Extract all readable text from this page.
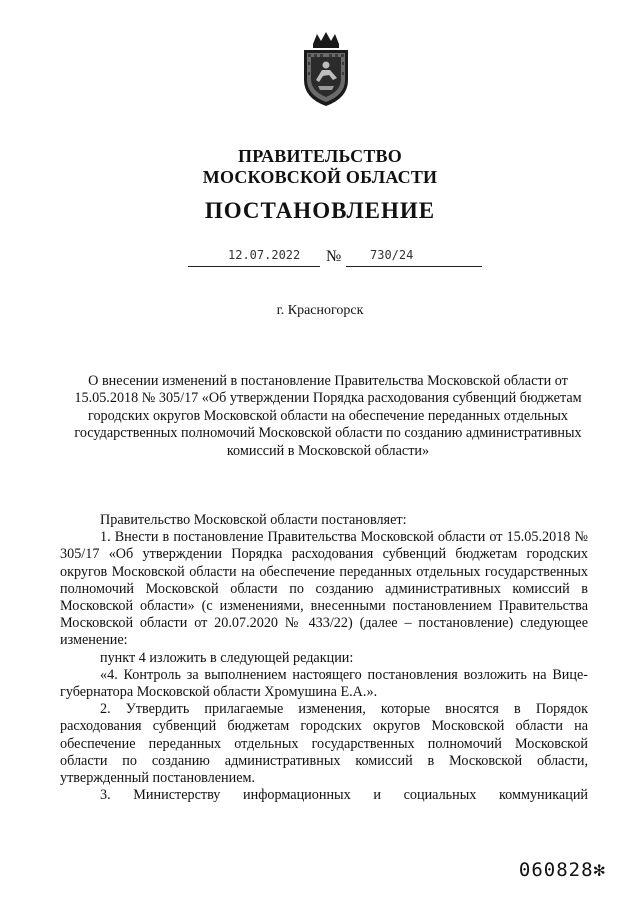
ПРАВИТЕЛЬСТВО
МОСКОВСКОЙ ОБЛАСТИ
ПОСТАНОВЛЕНИЕ
12.07.2022 № 730/24
г. Красногорск
О внесении изменений в постановление Правительства Московской области от 15.05.2018 № 305/17 «Об утверждении Порядка расходования субвенций бюджетам городских округов Московской области на обеспечение переданных отдельных государственных полномочий Московской области по созданию административных комиссий в Московской области»

Правительство Московской области постановляет:

1. Внести в постановление Правительства Московской области от 15.05.2018 № 305/17 «Об утверждении Порядка расходования субвенций бюджетам городских округов Московской области на обеспечение переданных отдельных государственных полномочий Московской области по созданию административных комиссий в Московской области» (с изменениями, внесенными постановлением Правительства Московской области от 20.07.2020 № 433/22) (далее – постановление) следующее изменение:

пункт 4 изложить в следующей редакции:

«4. Контроль за выполнением настоящего постановления возложить на Вице-губернатора Московской области Хромушина Е.А.».

2. Утвердить прилагаемые изменения, которые вносятся в Порядок расходования субвенций бюджетам городских округов Московской области на обеспечение переданных отдельных государственных полномочий Московской области по созданию административных комиссий в Московской области, утвержденный постановлением.

3. Министерству информационных и социальных коммуникаций

060828✻
